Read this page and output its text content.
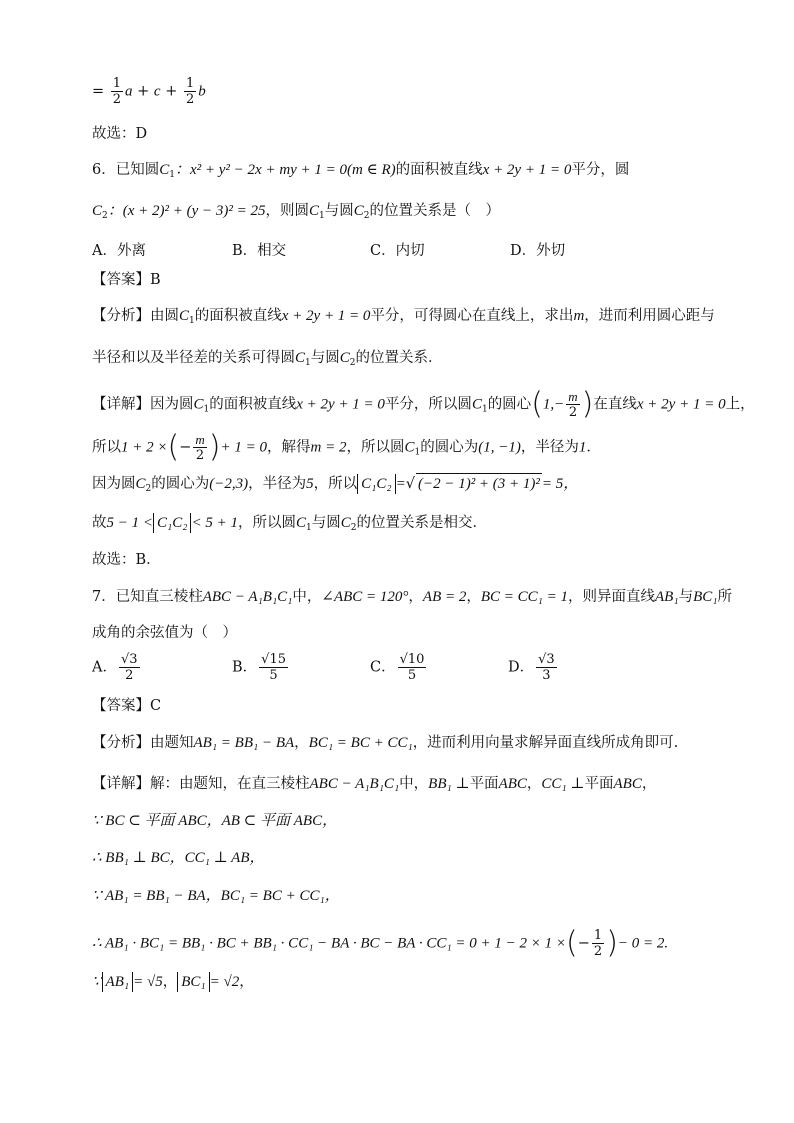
= $\frac{1}{2}$ $a + c + \frac{1}{2}$ b
故选：D
6．已知圆$C_1$：x² + y² − 2x + my + 1 = 0(m ∈ R)的面积被直线x + 2y + 1 = 0平分，圆
$C_2$：(x + 2)² + (y − 3)² = 25，则圆$C_1$与圆$C_2$的位置关系是（　）
A．外离	B．相交	C．内切	D．外切
【答案】B
【分析】由圆$C_1$的面积被直线x + 2y + 1 = 0平分，可得圆心在直线上，求出m，进而利用圆心距与
半径和以及半径差的关系可得圆$C_1$与圆$C_2$的位置关系．
【详解】因为圆$C_1$的面积被直线x + 2y + 1 = 0平分，所以圆$C_1$的圆心($1,- \frac{m}{2}$ )在直线x + 2y + 1 = 0上，
所以1 + 2 ×(− $\frac{m}{2}$ )+ 1 = 0，解得m = 2，所以圆$C_1$的圆心为(1, −1)，半径为1．
因为圆$C_2$的圆心为(−2,3)，半径为5，所以 C₁C₂ =√ (−2 − 1)² + (3 + 1)² = 5，
故5 − 1 < C₁C₂ < 5 + 1，所以圆$C_1$与圆$C_2$的位置关系是相交．
故选：B．
7．已知直三棱柱ABC − A₁B₁C₁中，∠ABC = 120°，AB = 2，BC = CC₁ = 1，则异面直线AB₁与BC₁所
成角的余弦值为（　）
A． $\frac{√3}{2}$	B． $\frac{√15}{5}$	C． $\frac{√10}{5}$	D． $\frac{√3}{3}$
【答案】C
【分析】由题知AB₁ = BB₁ − BA，BC₁ = BC + CC₁，进而利用向量求解异面直线所成角即可.
【详解】解：由题知，在直三棱柱ABC − A₁B₁C₁中，BB₁ ⊥平面ABC，CC₁ ⊥平面ABC，
∵ BC ⊂ 平面 ABC，AB ⊂ 平面 ABC，
∴ BB₁ ⊥ BC，CC₁ ⊥ AB，
∵ AB₁ = BB₁ − BA，BC₁ = BC + CC₁，
∴ AB₁ · BC₁ = BB₁ · BC + BB₁ · CC₁ − BA · BC − BA · CC₁ = 0 + 1 − 2 × 1 ×(− $\frac{1}{2}$ )− 0 = 2.
∵ AB₁ = √5， BC₁ = √2，
